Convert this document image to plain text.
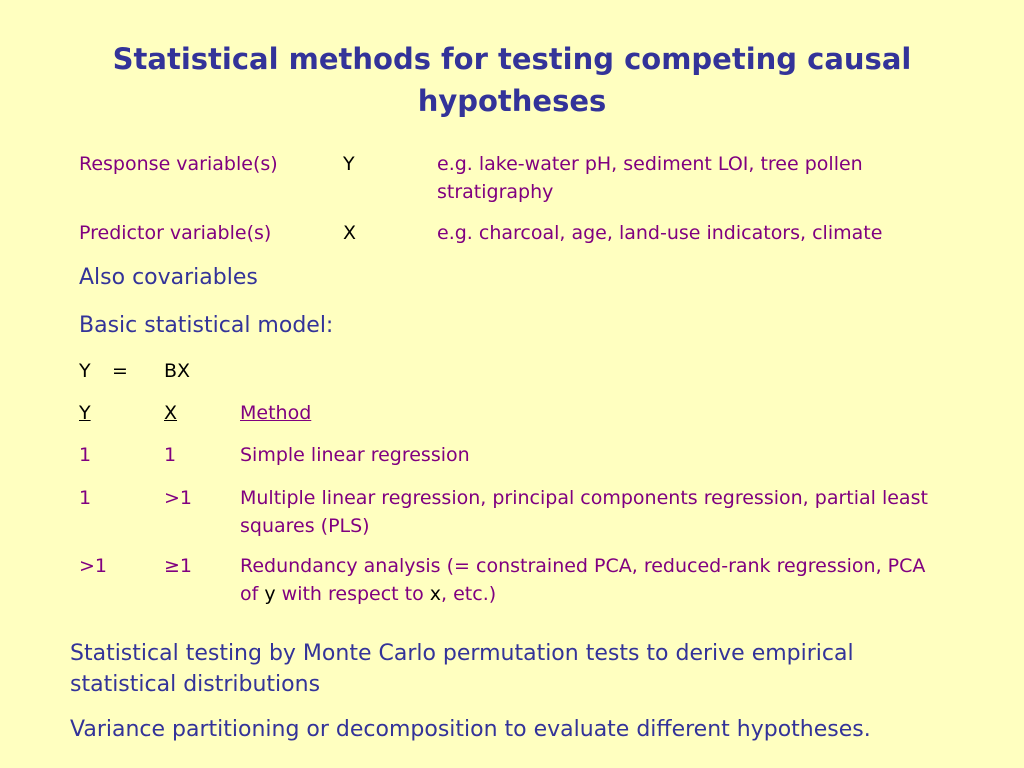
Statistical methods for testing competing causal hypotheses
Response variable(s)	Y	e.g. lake-water pH, sediment LOI, tree pollen stratigraphy
Predictor variable(s)	X	e.g. charcoal, age, land-use indicators, climate
Also covariables
Basic statistical model:
Y = BX
Y	X	Method
1	1	Simple linear regression
1	>1	Multiple linear regression, principal components regression, partial least squares (PLS)
>1	≥1	Redundancy analysis (= constrained PCA, reduced-rank regression, PCA of y with respect to x, etc.)
Statistical testing by Monte Carlo permutation tests to derive empirical statistical distributions
Variance partitioning or decomposition to evaluate different hypotheses.
